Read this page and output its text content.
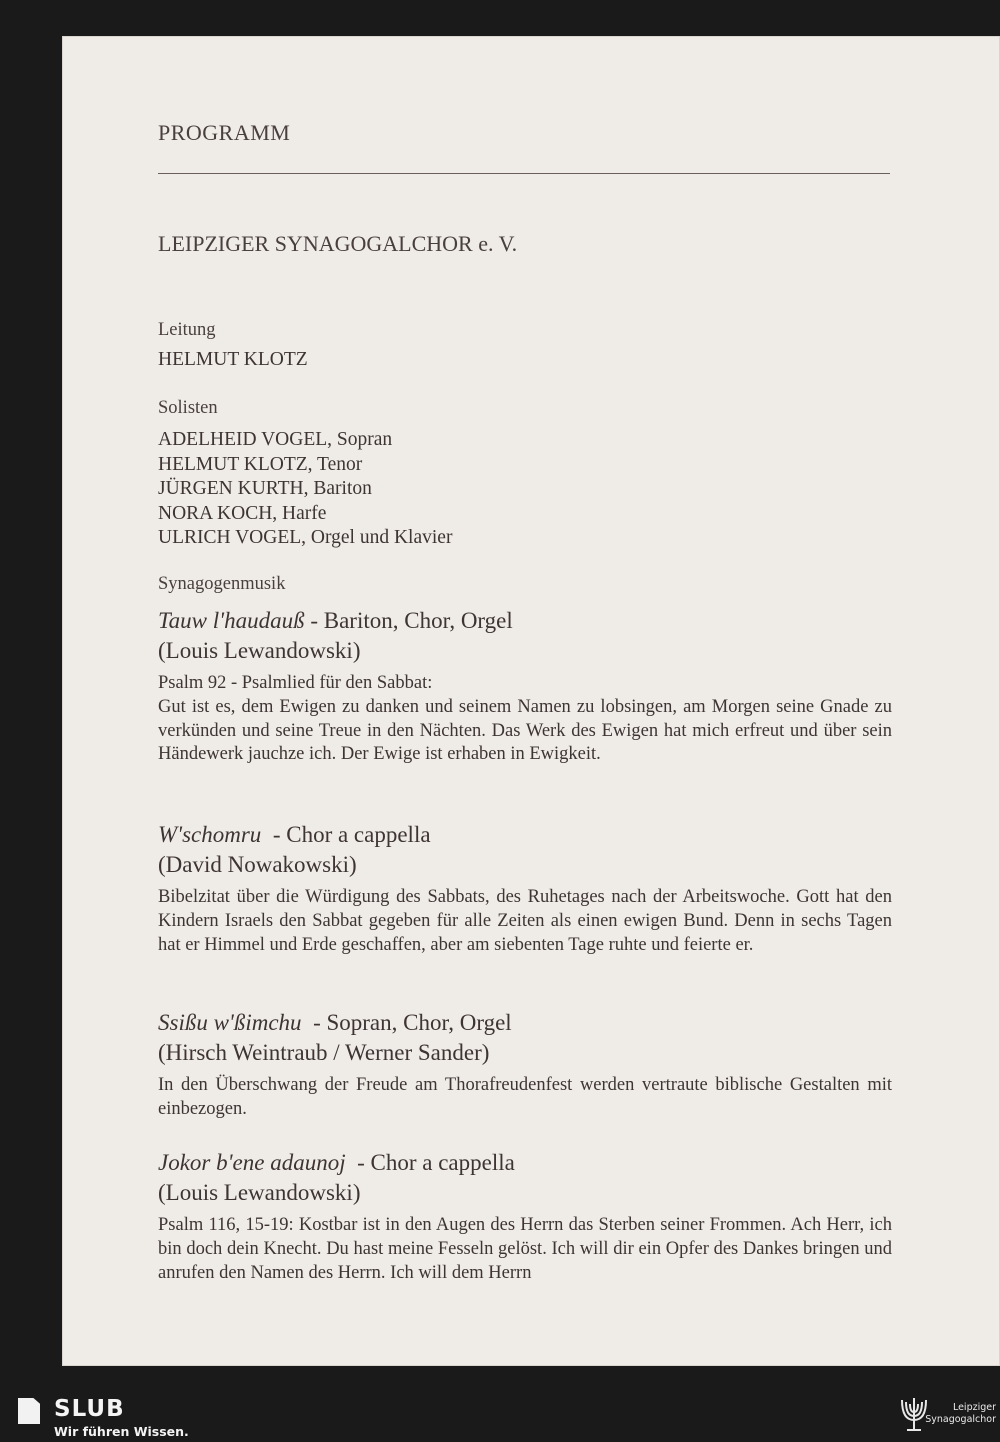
PROGRAMM
LEIPZIGER SYNAGOGALCHOR e. V.
Leitung
HELMUT KLOTZ
Solisten
ADELHEID VOGEL, Sopran
HELMUT KLOTZ, Tenor
JÜRGEN KURTH, Bariton
NORA KOCH, Harfe
ULRICH VOGEL, Orgel und Klavier
Synagogenmusik
Tauw l'haudauß - Bariton, Chor, Orgel
(Louis Lewandowski)
Psalm 92 - Psalmlied für den Sabbat:
Gut ist es, dem Ewigen zu danken und seinem Namen zu lobsingen, am Morgen seine Gnade zu verkünden und seine Treue in den Nächten. Das Werk des Ewigen hat mich erfreut und über sein Händewerk jauchze ich. Der Ewige ist erhaben in Ewigkeit.
W'schomru  - Chor a cappella
(David Nowakowski)
Bibelzitat über die Würdigung des Sabbats, des Ruhetages nach der Arbeitswoche. Gott hat den Kindern Israels den Sabbat gegeben für alle Zeiten als einen ewigen Bund. Denn in sechs Tagen hat er Himmel und Erde geschaffen, aber am siebenten Tage ruhte und feierte er.
Ssißu w'ßimchu  - Sopran, Chor, Orgel
(Hirsch Weintraub / Werner Sander)
In den Überschwang der Freude am Thorafreudenfest werden vertraute biblische Gestalten mit einbezogen.
Jokor b'ene adaunoj  - Chor a cappella
(Louis Lewandowski)
Psalm 116, 15-19: Kostbar ist in den Augen des Herrn das Sterben seiner Frommen. Ach Herr, ich bin doch dein Knecht. Du hast meine Fesseln gelöst. Ich will dir ein Opfer des Dankes bringen und anrufen den Namen des Herrn. Ich will dem Herrn
SLUB
Wir führen Wissen.
Leipziger
Synagogalchor
